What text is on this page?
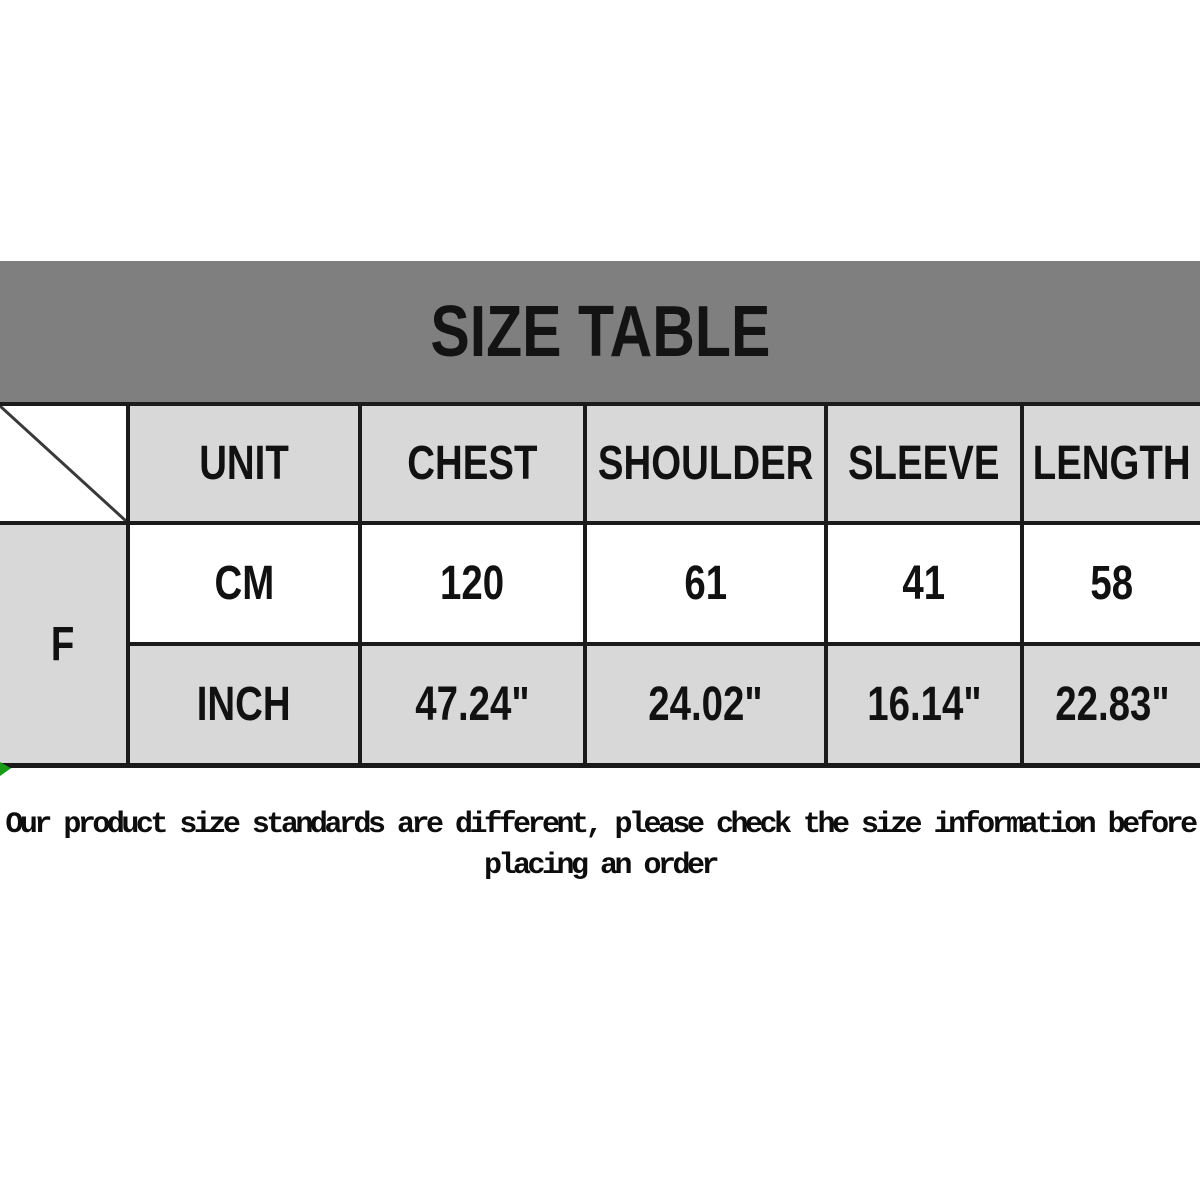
SIZE TABLE
UNIT CHEST SHOULDER SLEEVE LENGTH
F
CM	120	61	41	58
INCH	47.24" 24.02" 16.14" 22.83"
Our product size standards are different, please check the size information before
placing an order
